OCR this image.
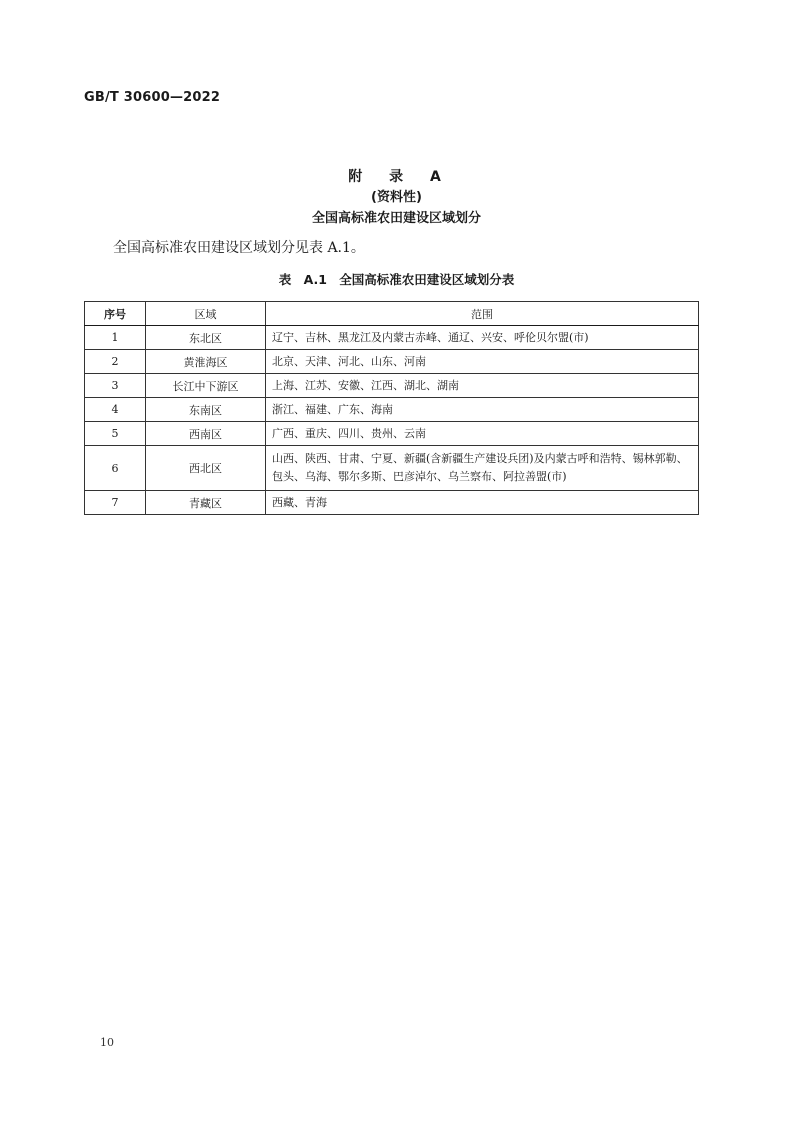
GB/T 30600—2022
附 录 A
(资料性)
全国高标准农田建设区域划分
全国高标准农田建设区域划分见表 A.1。
表 A.1 全国高标准农田建设区域划分表
序号	区域	范围
1	东北区	辽宁、吉林、黑龙江及内蒙古赤峰、通辽、兴安、呼伦贝尔盟(市)
2	黄淮海区	北京、天津、河北、山东、河南
3	长江中下游区	上海、江苏、安徽、江西、湖北、湖南
4	东南区	浙江、福建、广东、海南
5	西南区	广西、重庆、四川、贵州、云南
6	西北区	山西、陕西、甘肃、宁夏、新疆(含新疆生产建设兵团)及内蒙古呼和浩特、锡林郭勒、包头、乌海、鄂尔多斯、巴彦淖尔、乌兰察布、阿拉善盟(市)
7	青藏区	西藏、青海
10
